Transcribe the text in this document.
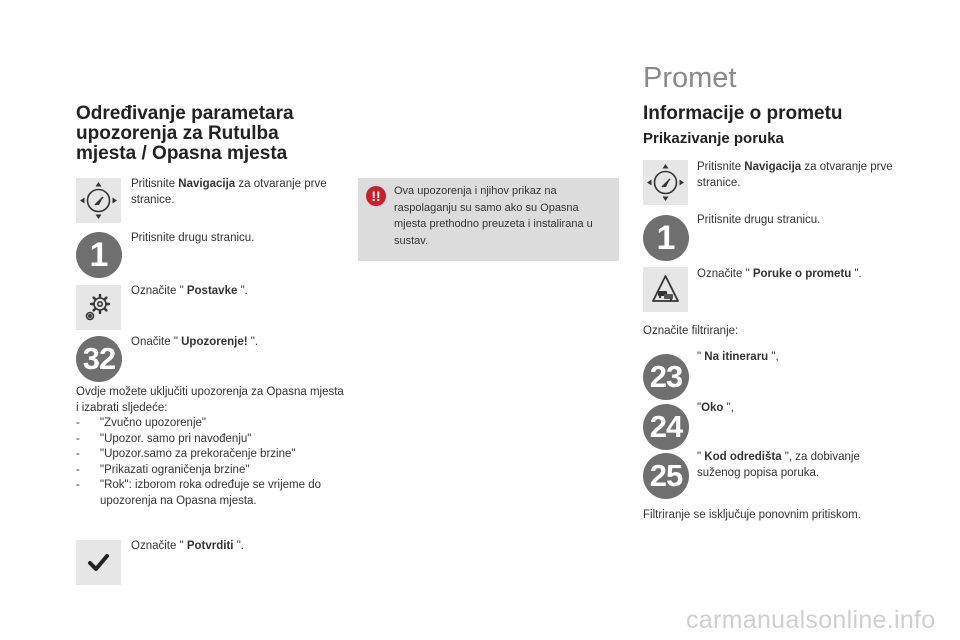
Određivanje parametara
upozorenja za Rutulba
mjesta / Opasna mjesta
Pritisnite Navigacija za otvaranje prve stranice.
1	Pritisnite drugu stranicu.
Označite " Postavke ".
32	Onačite " Upozorenje! ".
Ovdje možete uključiti upozorenja za Opasna mjesta i izabrati sljedeće:
- "Zvučno upozorenje"
- "Upozor. samo pri navođenju"
- "Upozor.samo za prekoračenje brzine"
- "Prikazati ograničenja brzine"
- "Rok": izborom roka određuje se vrijeme do upozorenja na Opasna mjesta.
Označite " Potvrditi ".
!!	Ova upozorenja i njihov prikaz na raspolaganju su samo ako su Opasna mjesta prethodno preuzeta i instalirana u sustav.
Promet
Informacije o prometu
Prikazivanje poruka
Pritisnite Navigacija za otvaranje prve stranice.
1	Pritisnite drugu stranicu.
Označite " Poruke o prometu ".
Označite filtriranje:
23
" Na itineraru ",
24
"Oko ",
25
" Kod odredišta ", za dobivanje suženog popisa poruka.
Filtriranje se isključuje ponovnim pritiskom.
carmanualsonline.info
